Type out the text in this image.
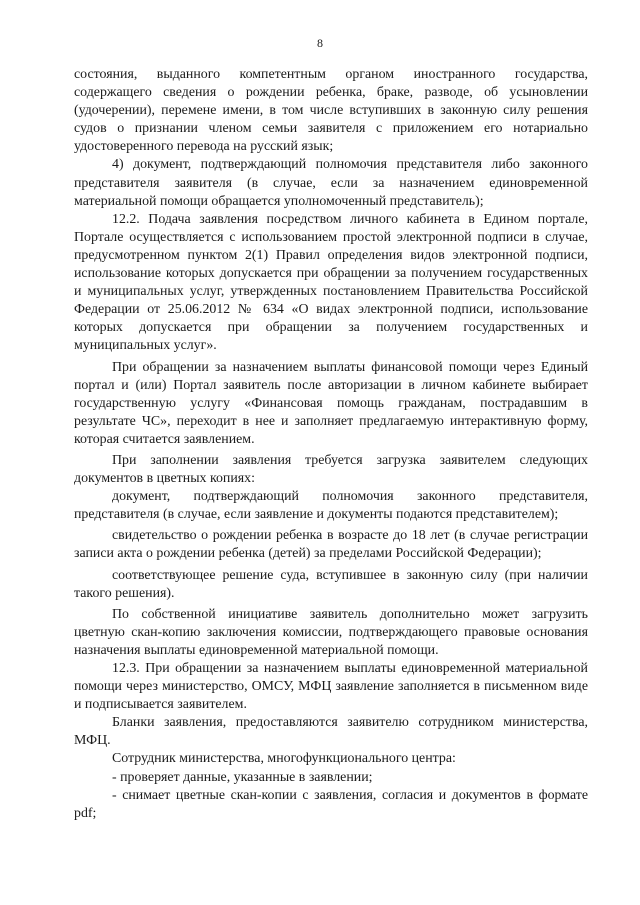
8

состояния, выданного компетентным органом иностранного государства, содержащего сведения о рождении ребенка, браке, разводе, об усыновлении (удочерении), перемене имени, в том числе вступивших в законную силу решения судов о признании членом семьи заявителя с приложением его нотариально удостоверенного перевода на русский язык;

4) документ, подтверждающий полномочия представителя либо законного представителя заявителя (в случае, если за назначением единовременной материальной помощи обращается уполномоченный представитель);

12.2. Подача заявления посредством личного кабинета в Едином портале, Портале осуществляется с использованием простой электронной подписи в случае, предусмотренном пунктом 2(1) Правил определения видов электронной подписи, использование которых допускается при обращении за получением государственных и муниципальных услуг, утвержденных постановлением Правительства Российской Федерации от 25.06.2012 № 634 «О видах электронной подписи, использование которых допускается при обращении за получением государственных и муниципальных услуг».

При обращении за назначением выплаты финансовой помощи через Единый портал и (или) Портал заявитель после авторизации в личном кабинете выбирает государственную услугу «Финансовая помощь гражданам, пострадавшим в результате ЧС», переходит в нее и заполняет предлагаемую интерактивную форму, которая считается заявлением.

При заполнении заявления требуется загрузка заявителем следующих документов в цветных копиях:

документ, подтверждающий полномочия законного представителя, представителя (в случае, если заявление и документы подаются представителем);

свидетельство о рождении ребенка в возрасте до 18 лет (в случае регистрации записи акта о рождении ребенка (детей) за пределами Российской Федерации);

соответствующее решение суда, вступившее в законную силу (при наличии такого решения).

По собственной инициативе заявитель дополнительно может загрузить цветную скан-копию заключения комиссии, подтверждающего правовые основания назначения выплаты единовременной материальной помощи.

12.3. При обращении за назначением выплаты единовременной материальной помощи через министерство, ОМСУ, МФЦ заявление заполняется в письменном виде и подписывается заявителем.

Бланки заявления, предоставляются заявителю сотрудником министерства, МФЦ.

Сотрудник министерства, многофункционального центра:

- проверяет данные, указанные в заявлении;

- снимает цветные скан-копии с заявления, согласия и документов в формате pdf;
